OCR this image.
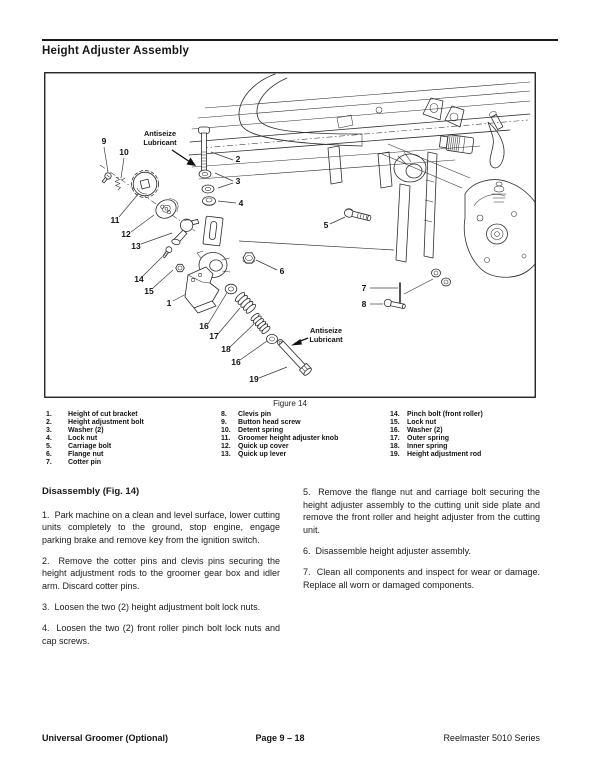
Height Adjuster Assembly
Antiseize
Lubricant
Antiseize
Lubricant
9
10
2
3
4
11
12
13
14
15
1
16
17
18
16
19
5
6
7
8
Figure 14
1.	Height of cut bracket
2.	Height adjustment bolt
3.	Washer (2)
4.	Lock nut
5.	Carriage bolt
6.	Flange nut
7.	Cotter pin
8.	Clevis pin
9.	Button head screw
10.	Detent spring
11.	Groomer height adjuster knob
12.	Quick up cover
13.	Quick up lever
14.	Pinch bolt (front roller)
15.	Lock nut
16.	Washer (2)
17.	Outer spring
18.	Inner spring
19.	Height adjustment rod
Disassembly (Fig. 14)

1.  Park machine on a clean and level surface, lower cutting units completely to the ground, stop engine, engage parking brake and remove key from the ignition switch.

2.  Remove the cotter pins and clevis pins securing the height adjustment rods to the groomer gear box and idler arm. Discard cotter pins.

3.  Loosen the two (2) height adjustment bolt lock nuts.

4.  Loosen the two (2) front roller pinch bolt lock nuts and cap screws.

5.  Remove the flange nut and carriage bolt securing the height adjuster assembly to the cutting unit side plate and remove the front roller and height adjuster from the cutting unit.

6.  Disassemble height adjuster assembly.

7.  Clean all components and inspect for wear or damage. Replace all worn or damaged components.

Universal Groomer (Optional)	Page 9 – 18	Reelmaster 5010 Series
